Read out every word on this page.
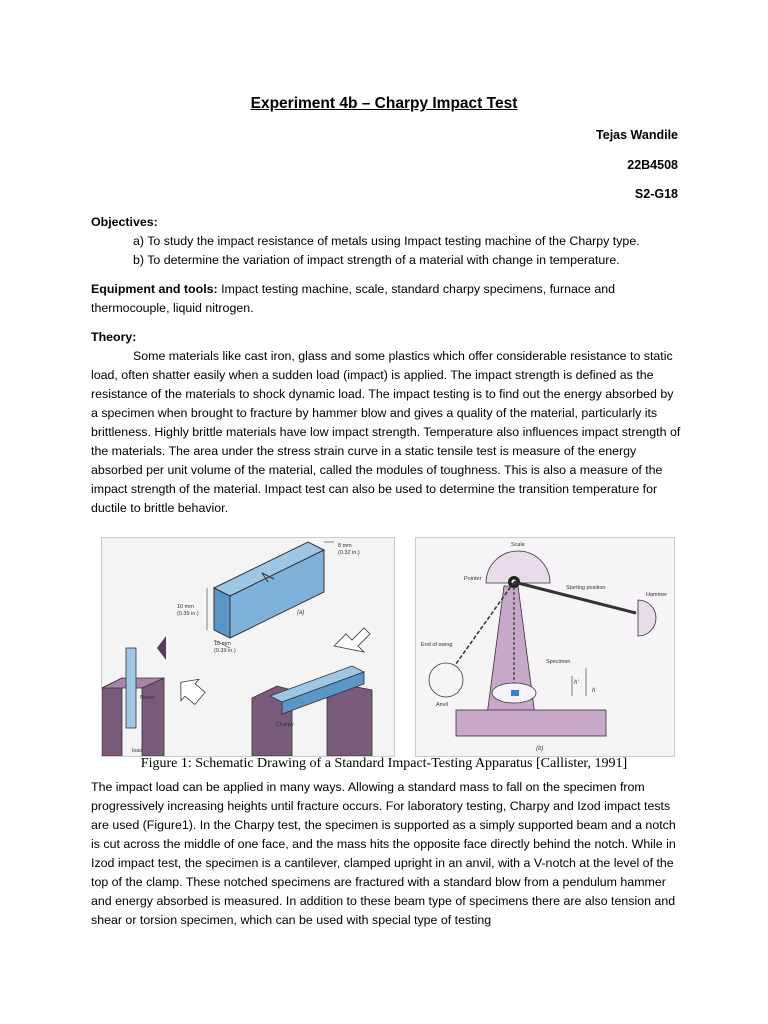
Experiment 4b – Charpy Impact Test
Tejas Wandile
22B4508
S2-G18
Objectives:
a) To study the impact resistance of metals using Impact testing machine of the Charpy type.
b) To determine the variation of impact strength of a material with change in temperature.
Equipment and tools: Impact testing machine, scale, standard charpy specimens, furnace and thermocouple, liquid nitrogen.
Theory:
Some materials like cast iron, glass and some plastics which offer considerable resistance to static load, often shatter easily when a sudden load (impact) is applied. The impact strength is defined as the resistance of the materials to shock dynamic load. The impact testing is to find out the energy absorbed by a specimen when brought to fracture by hammer blow and gives a quality of the material, particularly its brittleness. Highly brittle materials have low impact strength. Temperature also influences impact strength of the materials. The area under the stress strain curve in a static tensile test is measure of the energy absorbed per unit volume of the material, called the modules of toughness. This is also a measure of the impact strength of the material. Impact test can also be used to determine the transition temperature for ductile to brittle behavior.
8 mm
(0.32 in.)
10 mm
(0.39 in.)
10 mm
(0.39 in.)
(a)
Notch
load
Charpy
Scale
Starting position
Hammer
End of swing
Pointer
Specimen
Anvil
h
h'
(b)
Figure 1: Schematic Drawing of a Standard Impact-Testing Apparatus [Callister, 1991]
The impact load can be applied in many ways. Allowing a standard mass to fall on the specimen from progressively increasing heights until fracture occurs. For laboratory testing, Charpy and Izod impact tests are used (Figure1). In the Charpy test, the specimen is supported as a simply supported beam and a notch is cut across the middle of one face, and the mass hits the opposite face directly behind the notch. While in Izod impact test, the specimen is a cantilever, clamped upright in an anvil, with a V-notch at the level of the top of the clamp. These notched specimens are fractured with a standard blow from a pendulum hammer and energy absorbed is measured. In addition to these beam type of specimens there are also tension and shear or torsion specimen, which can be used with special type of testing
